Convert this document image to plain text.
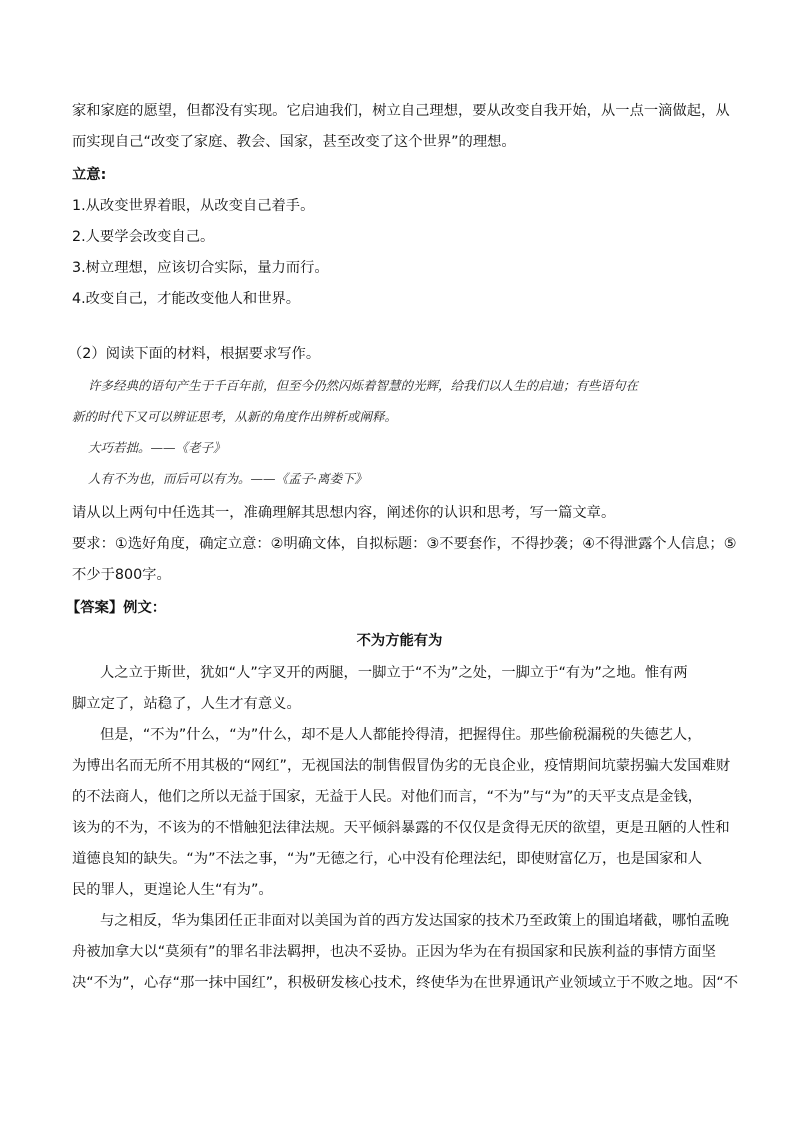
家和家庭的愿望，但都没有实现。它启迪我们，树立自己理想，要从改变自我开始，从一点一滴做起，从
而实现自己“改变了家庭、教会、国家，甚至改变了这个世界”的理想。
立意:
1.从改变世界着眼，从改变自己着手。
2.人要学会改变自己。
3.树立理想，应该切合实际，量力而行。
4.改变自己，才能改变他人和世界。
（2）阅读下面的材料，根据要求写作。
许多经典的语句产生于千百年前，但至今仍然闪烁着智慧的光辉，给我们以人生的启迪；有些语句在
新的时代下又可以辨证思考，从新的角度作出辨析或阐释。
大巧若拙。——《老子》
人有不为也，而后可以有为。——《孟子·离娄下》
请从以上两句中任选其一，准确理解其思想内容，阐述你的认识和思考，写一篇文章。
要求：①选好角度，确定立意：②明确文体，自拟标题：③不要套作，不得抄袭；④不得泄露个人信息；⑤
不少于800字。
【答案】例文：
不为方能有为
人之立于斯世，犹如“人”字叉开的两腿，一脚立于“不为”之处，一脚立于“有为”之地。惟有两
脚立定了，站稳了，人生才有意义。
但是，“不为”什么，“为”什么，却不是人人都能拎得清，把握得住。那些偷税漏税的失德艺人，
为博出名而无所不用其极的“网红”，无视国法的制售假冒伪劣的无良企业，疫情期间坑蒙拐骗大发国难财
的不法商人，他们之所以无益于国家，无益于人民。对他们而言，“不为”与“为”的天平支点是金钱，
该为的不为，不该为的不惜触犯法律法规。天平倾斜暴露的不仅仅是贪得无厌的欲望，更是丑陋的人性和
道德良知的缺失。“为”不法之事，“为”无德之行，心中没有伦理法纪，即使财富亿万，也是国家和人
民的罪人，更遑论人生“有为”。
与之相反，华为集团任正非面对以美国为首的西方发达国家的技术乃至政策上的围追堵截，哪怕孟晚
舟被加拿大以“莫须有”的罪名非法羁押，也决不妥协。正因为华为在有损国家和民族利益的事情方面坚
决“不为”，心存“那一抹中国红”，积极研发核心技术，终使华为在世界通讯产业领域立于不败之地。因“不
